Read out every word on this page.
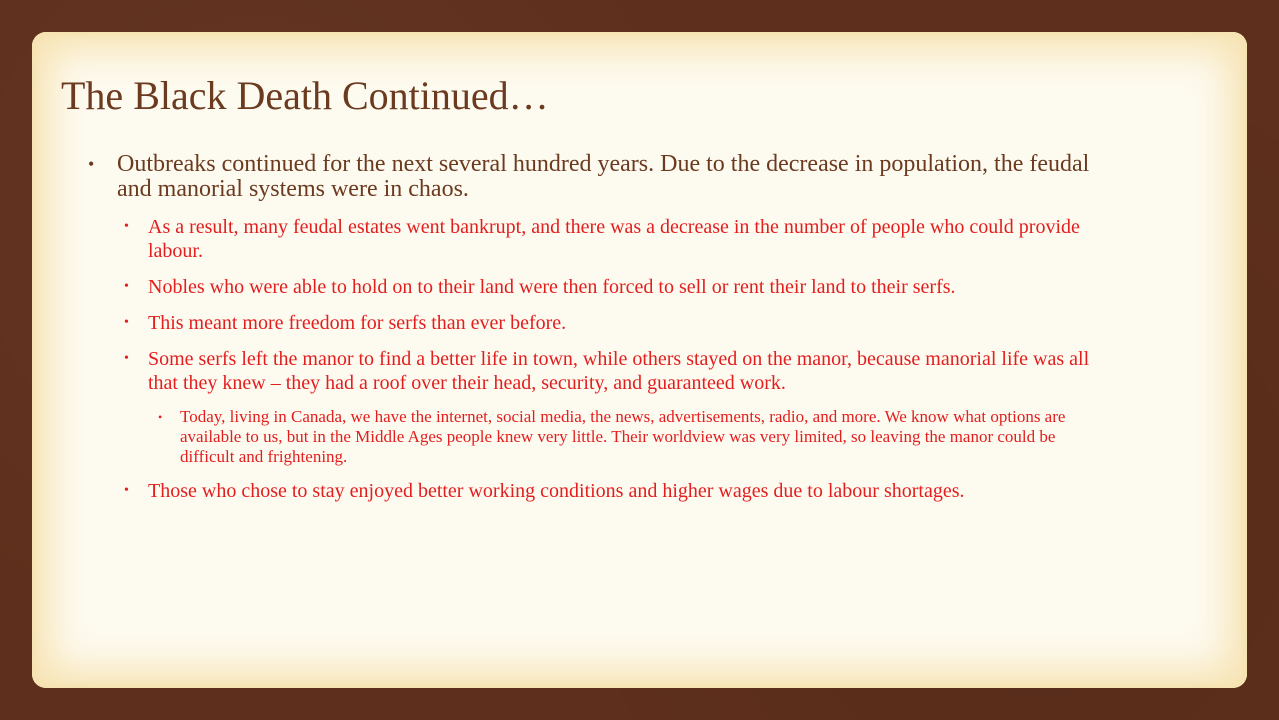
The Black Death Continued…

• Outbreaks continued for the next several hundred years. Due to the decrease in population, the feudal and manorial systems were in chaos.

• As a result, many feudal estates went bankrupt, and there was a decrease in the number of people who could provide labour.

• Nobles who were able to hold on to their land were then forced to sell or rent their land to their serfs.

• This meant more freedom for serfs than ever before.

• Some serfs left the manor to find a better life in town, while others stayed on the manor, because manorial life was all that they knew – they had a roof over their head, security, and guaranteed work.

• Today, living in Canada, we have the internet, social media, the news, advertisements, radio, and more. We know what options are available to us, but in the Middle Ages people knew very little. Their worldview was very limited, so leaving the manor could be difficult and frightening.

• Those who chose to stay enjoyed better working conditions and higher wages due to labour shortages.
